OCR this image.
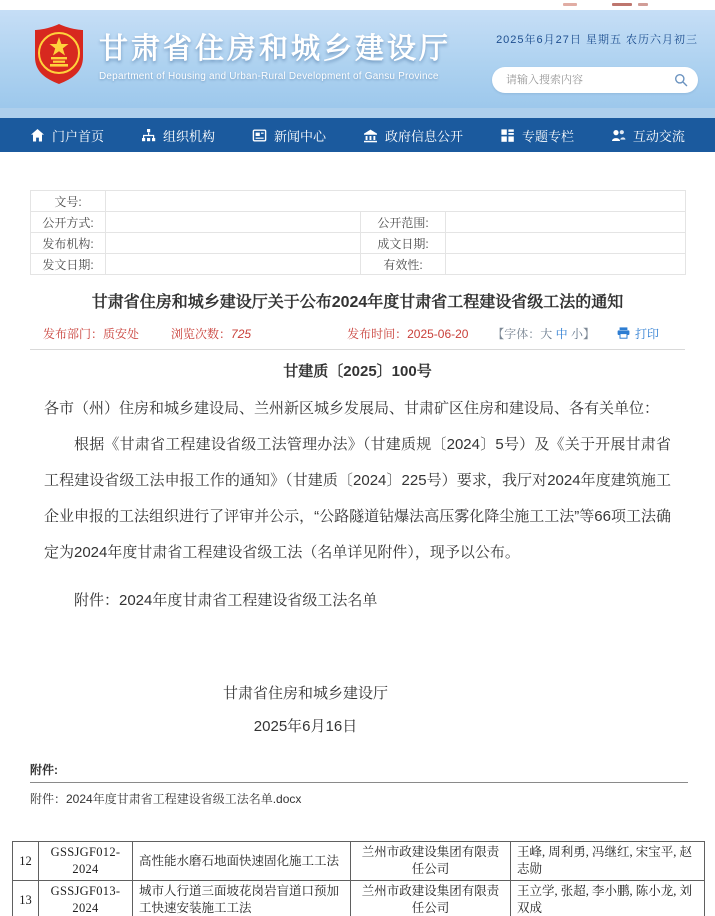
2025年6月27日 星期五 农历六月初三
甘肃省住房和城乡建设厅
Department of Housing and Urban-Rural Development of Gansu Province
请输入搜索内容
门户首页	组织机构	新闻中心	政府信息公开	专题专栏	互动交流
文号:			
公开方式:		公开范围:	
发布机构:		成文日期:	
发文日期:		有效性:	
甘肃省住房和城乡建设厅关于公布2024年度甘肃省工程建设省级工法的通知
发布部门：质安处	浏览次数：725	发布时间：2025-06-20 【字体：大 中 小】	打印
甘建质〔2025〕100号

各市（州）住房和城乡建设局、兰州新区城乡发展局、甘肃矿区住房和建设局、各有关单位：

根据《甘肃省工程建设省级工法管理办法》（甘建质规〔2024〕5号）及《关于开展甘肃省工程建设省级工法申报工作的通知》（甘建质〔2024〕225号）要求，我厅对2024年度建筑施工企业申报的工法组织进行了评审并公示，“公路隧道钻爆法高压雾化降尘施工工法”等66项工法确定为2024年度甘肃省工程建设省级工法（名单详见附件），现予以公布。

附件：2024年度甘肃省工程建设省级工法名单

甘肃省住房和城乡建设厅
2025年6月16日
附件:
附件：2024年度甘肃省工程建设省级工法名单.docx
12	GSSJGF012-2024	高性能水磨石地面快速固化施工工法	兰州市政建设集团有限责任公司	王峰, 周利勇, 冯继红, 宋宝平, 赵志勋
13	GSSJGF013-2024	城市人行道三面坡花岗岩盲道口预加工快速安装施工工法	兰州市政建设集团有限责任公司	王立学, 张超, 李小鹏, 陈小龙, 刘双成
